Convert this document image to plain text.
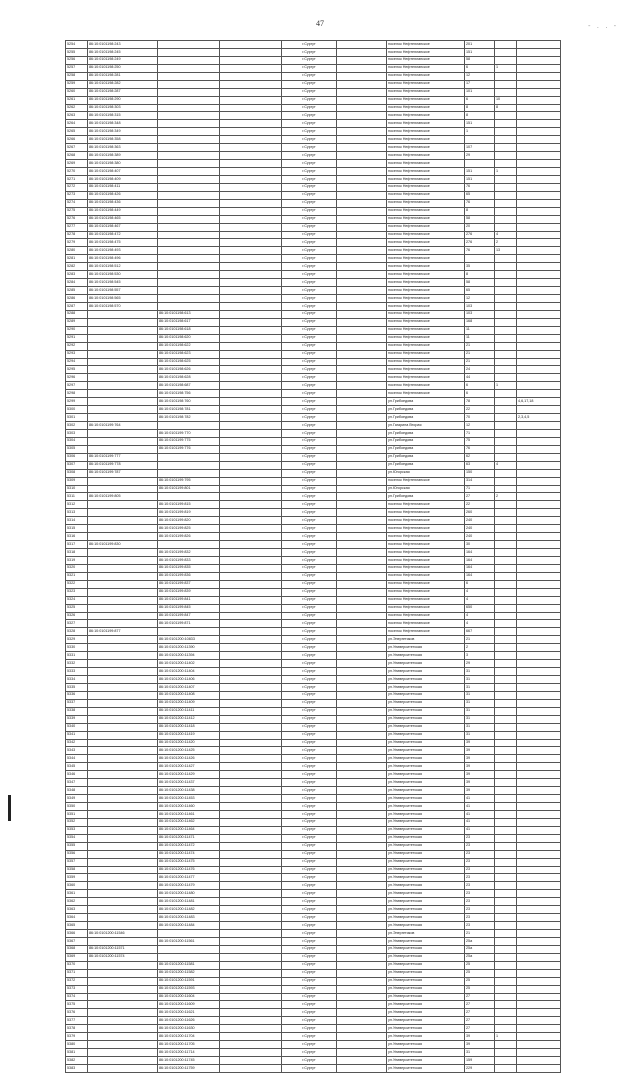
47	- . . -
5254	86:10:0101198:243			г.Сургут		поселок Нефтеюганское	201		
5255	86:10:0101198:245			г.Сургут		поселок Нефтеюганское	151		
5256	86:10:0101198:249			г.Сургут		поселок Нефтеюганское	58		
5257	86:10:0101198:250			г.Сургут		поселок Нефтеюганское	6	1	
5258	86:10:0101198:281			г.Сургут		поселок Нефтеюганское	12		
5259	86:10:0101198:282			г.Сургут		поселок Нефтеюганское	17		
5260	86:10:0101198:287			г.Сургут		поселок Нефтеюганское	101		
5261	86:10:0101198:290			г.Сургут		поселок Нефтеюганское	6	10	
5262	86:10:0101198:303			г.Сургут		поселок Нефтеюганское	8	8	
5263	86:10:0101198:315			г.Сургут		поселок Нефтеюганское	8		
5264	86:10:0101198:348			г.Сургут		поселок Нефтеюганское	151		
5265	86:10:0101198:349			г.Сургут		поселок Нефтеюганское	1		
5266	86:10:0101198:358			г.Сургут		поселок Нефтеюганское			
5267	86:10:0101198:363			г.Сургут		поселок Нефтеюганское	107		
5268	86:10:0101198:389			г.Сургут		поселок Нефтеюганское	29		
5269	86:10:0101198:380			г.Сургут		поселок Нефтеюганское			
5270	86:10:0101198:407			г.Сургут		поселок Нефтеюганское	151	1	
5271	86:10:0101198:409			г.Сургут		поселок Нефтеюганское	151		
5272	86:10:0101198:411			г.Сургут		поселок Нефтеюганское	76		
5273	86:10:0101198:426			г.Сургут		поселок Нефтеюганское	65		
5274	86:10:0101198:436			г.Сургут		поселок Нефтеюганское	76		
5275	86:10:0101198:449			г.Сургут		поселок Нефтеюганское	8		
5276	86:10:0101198:465			г.Сургут		поселок Нефтеюганское	58		
5277	86:10:0101198:467			г.Сургут		поселок Нефтеюганское	20		
5278	86:10:0101198:472			г.Сургут		поселок Нефтеюганское	276	4	
5279	86:10:0101198:475			г.Сургут		поселок Нефтеюганское	276	2	
5280	86:10:0101198:493			г.Сургут		поселок Нефтеюганское	76	13	
5281	86:10:0101198:496			г.Сургут		поселок Нефтеюганское			
5282	86:10:0101198:512			г.Сургут		поселок Нефтеюганское	35		
5283	86:10:0101198:530			г.Сургут		поселок Нефтеюганское	8		
5284	86:10:0101198:545			г.Сургут		поселок Нефтеюганское	58		
5285	86:10:0101198:557			г.Сургут		поселок Нефтеюганское	65		
5286	86:10:0101198:565			г.Сургут		поселок Нефтеюганское	12		
5287	86:10:0101198:570			г.Сургут		поселок Нефтеюганское	103		
5288		86:10:0101198:613		г.Сургут		поселок Нефтеюганское	103		
5289		86:10:0101198:617		г.Сургут		поселок Нефтеюганское	168		
5290		86:10:0101198:618		г.Сургут		поселок Нефтеюганское	11		
5291		86:10:0101198:620		г.Сургут		поселок Нефтеюганское	11		
5292		86:10:0101198:622		г.Сургут		поселок Нефтеюганское	21		
5293		86:10:0101198:623		г.Сургут		поселок Нефтеюганское	21		
5294		86:10:0101198:625		г.Сургут		поселок Нефтеюганское	21		
5295		86:10:0101198:626		г.Сургут		поселок Нефтеюганское	24		
5296		86:10:0101198:628		г.Сургут		поселок Нефтеюганское	44		
5297		86:10:0101198:687		г.Сургут		поселок Нефтеюганское	6	1	
5298		86:10:0101198:756		г.Сургут		поселок Нефтеюганское	6		
5299		86:10:0101198:760		г.Сургут		ул.Грибоедова	78		4,6,17,18
5300		86:10:0101198:781		г.Сургут		ул.Грибоедова	22		
5301		86:10:0101198:782		г.Сургут		ул.Грибоедова	70		2,3,4,5
5302	86:10:0101199:764			г.Сургут		ул.Гагарина Вторая	12		
5303		86:10:0101199:770		г.Сургут		ул.Грибоедова	71		
5304		86:10:0101199:775		г.Сургут		ул.Грибоедова	75		
5305		86:10:0101199:776		г.Сургут		ул.Грибоедова	76		
5306	86:10:0101199:777			г.Сургут		ул.Грибоедова	62		
5307	86:10:0101199:778			г.Сургут		ул.Грибоедова	63	4	
5308	86:10:0101199:787			г.Сургут		ул.Югорская	150		
5309		86:10:0101199:795		г.Сургут		поселок Нефтеюганское	314		
5310		86:10:0101199:801		г.Сургут		ул.Югорская	71		
5311	86:10:0101199:805			г.Сургут		ул.Грибоедова	27	2	
5312		86:10:0101199:815		г.Сургут		поселок Нефтеюганское	22		
5313		86:10:0101199:819		г.Сургут		поселок Нефтеюганское	260		
5314		86:10:0101199:820		г.Сургут		поселок Нефтеюганское	240		
5315		86:10:0101199:825		г.Сургут		поселок Нефтеюганское	240		
5316		86:10:0101199:826		г.Сургут		поселок Нефтеюганское	240		
5317	86:10:0101199:830			г.Сургут		поселок Нефтеюганское	30		
5318		86:10:0101199:832		г.Сургут		поселок Нефтеюганское	164		
5319		86:10:0101199:833		г.Сургут		поселок Нефтеюганское	164		
5320		86:10:0101199:835		г.Сургут		поселок Нефтеюганское	164		
5321		86:10:0101199:836		г.Сургут		поселок Нефтеюганское	164		
5322		86:10:0101199:837		г.Сургут		поселок Нефтеюганское	6		
5323		86:10:0101199:839		г.Сургут		поселок Нефтеюганское	4		
5324		86:10:0101199:841		г.Сургут		поселок Нефтеюганское	4		
5325		86:10:0101199:845		г.Сургут		поселок Нефтеюганское	650		
5326		86:10:0101199:847		г.Сургут		поселок Нефтеюганское	4		
5327		86:10:0101199:871		г.Сургут		поселок Нефтеюганское	4		
5328	86:10:0101199:877			г.Сургут		поселок Нефтеюганское	667		
5329		86:10:0101200:10833		г.Сургут		ул.Энергетиков	21		
5330		86:10:0101200:11390		г.Сургут		ул.Университетская	2		
5331		86:10:0101200:11394		г.Сургут		ул.Университетская	3		
5332		86:10:0101200:11402		г.Сургут		ул.Университетская	29		
5333		86:10:0101200:11404		г.Сургут		ул.Университетская	31		
5334		86:10:0101200:11406		г.Сургут		ул.Университетская	31		
5335		86:10:0101200:11407		г.Сургут		ул.Университетская	31		
5336		86:10:0101200:11408		г.Сургут		ул.Университетская	31		
5337		86:10:0101200:11409		г.Сургут		ул.Университетская	31		
5338		86:10:0101200:11411		г.Сургут		ул.Университетская	31		
5339		86:10:0101200:11412		г.Сургут		ул.Университетская	31		
5340		86:10:0101200:11418		г.Сургут		ул.Университетская	31		
5341		86:10:0101200:11419		г.Сургут		ул.Университетская	31		
5342		86:10:0101200:11420		г.Сургут		ул.Университетская	39		
5343		86:10:0101200:11425		г.Сургут		ул.Университетская	39		
5344		86:10:0101200:11426		г.Сургут		ул.Университетская	39		
5345		86:10:0101200:11427		г.Сургут		ул.Университетская	39		
5346		86:10:0101200:11429		г.Сургут		ул.Университетская	39		
5347		86:10:0101200:11437		г.Сургут		ул.Университетская	39		
5348		86:10:0101200:11438		г.Сургут		ул.Университетская	39		
5349		86:10:0101200:11453		г.Сургут		ул.Университетская	41		
5350		86:10:0101200:11460		г.Сургут		ул.Университетская	41		
5351		86:10:0101200:11461		г.Сургут		ул.Университетская	41		
5352		86:10:0101200:11462		г.Сургут		ул.Университетская	41		
5353		86:10:0101200:11464		г.Сургут		ул.Университетская	41		
5354		86:10:0101200:11471		г.Сургут		ул.Университетская	23		
5355		86:10:0101200:11472		г.Сургут		ул.Университетская	23		
5356		86:10:0101200:11474		г.Сургут		ул.Университетская	23		
5357		86:10:0101200:11475		г.Сургут		ул.Университетская	23		
5358		86:10:0101200:11476		г.Сургут		ул.Университетская	23		
5359		86:10:0101200:11477		г.Сургут		ул.Университетская	23		
5360		86:10:0101200:11479		г.Сургут		ул.Университетская	23		
5361		86:10:0101200:11480		г.Сургут		ул.Университетская	23		
5362		86:10:0101200:11481		г.Сургут		ул.Университетская	23		
5363		86:10:0101200:11482		г.Сургут		ул.Университетская	23		
5364		86:10:0101200:11483		г.Сургут		ул.Университетская	23		
5365		86:10:0101200:11484		г.Сургут		ул.Университетская	23		
5366	86:10:0101200:11546			г.Сургут		ул.Энергетиков	21		
5367		86:10:0101200:11561		г.Сургут		ул.Университетская	25а		
5368	86:10:0101200:11571			г.Сургут		ул.Университетская	25а		
5369	86:10:0101200:11574			г.Сургут		ул.Университетская	25а		
5370		86:10:0101200:11581		г.Сургут		ул.Университетская	25		
5371		86:10:0101200:11582		г.Сургут		ул.Университетская	25		
5372		86:10:0101200:11591		г.Сургут		ул.Университетская	25		
5373		86:10:0101200:11593		г.Сургут		ул.Университетская	25		
5374		86:10:0101200:11604		г.Сургут		ул.Университетская	27		
5375		86:10:0101200:11609		г.Сургут		ул.Университетская	27		
5376		86:10:0101200:11621		г.Сургут		ул.Университетская	27		
5377		86:10:0101200:11626		г.Сургут		ул.Университетская	27		
5378		86:10:0101200:11630		г.Сургут		ул.Университетская	27		
5379		86:10:0101200:11704		г.Сургут		ул.Университетская	39	1	
5380		86:10:0101200:11705		г.Сургут		ул.Университетская	39		
5381		86:10:0101200:11714		г.Сургут		ул.Университетская	31		
5382		86:10:0101200:11745		г.Сургут		ул.Университетская	159		
5383		86:10:0101200:11759		г.Сургут		ул.Университетская	229		
